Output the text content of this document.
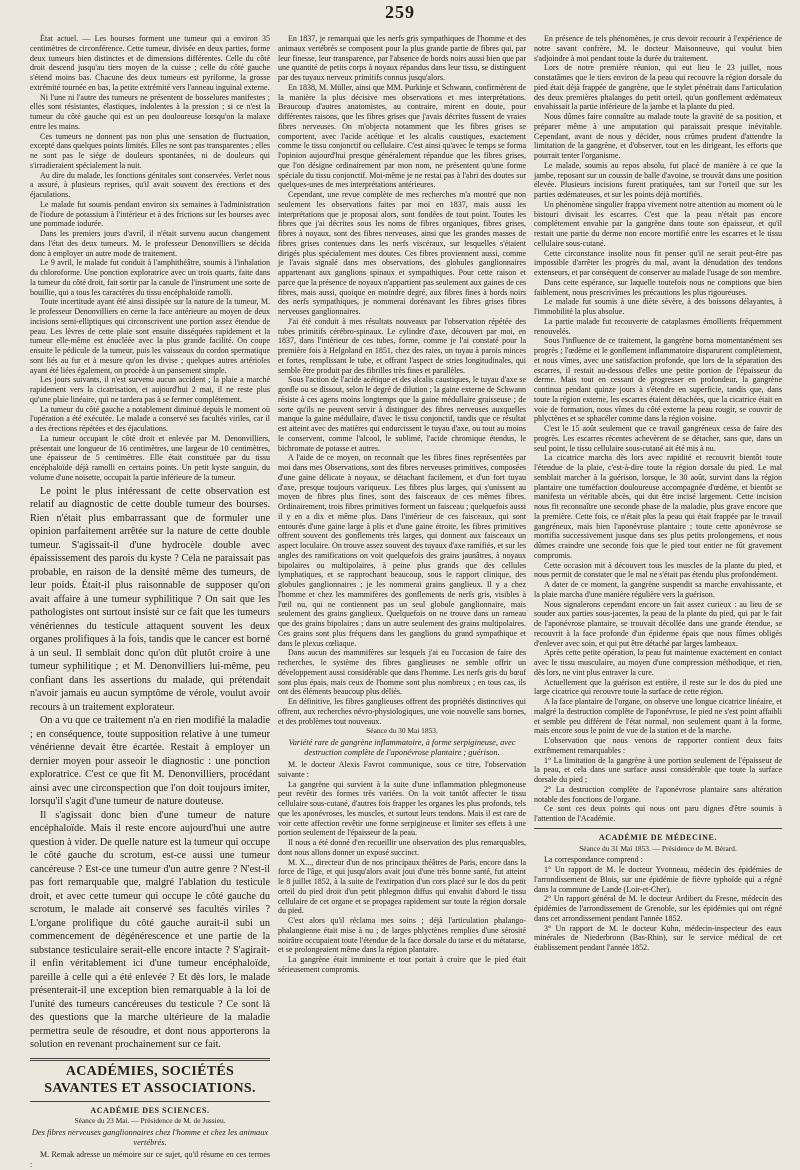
259

État actuel. — Les bourses forment une tumeur qui a environ 35 centimètres de circonférence. Cette tumeur, divisée en deux parties, forme deux tumeurs bien distinctes et de dimensions différentes. Celle du côté droit descend jusqu'au tiers moyen de la cuisse ; celle du côté gauche s'étend moins bas. Chacune des deux tumeurs est pyriforme, la grosse extrémité tournée en bas, la petite extrémité vers l'anneau inguinal externe.

Ni l'une ni l'autre des tumeurs ne présentent de bosselures manifestes ; elles sont résistantes, élastiques, indolentes à la pression ; si ce n'est la tumeur du côté gauche qui est un peu douloureuse lorsqu'on la malaxe entre les mains.

Ces tumeurs ne donnent pas non plus une sensation de fluctuation, excepté dans quelques points limités. Elles ne sont pas transparentes ; elles ne sont pas le siége de douleurs spontanées, ni de douleurs qui s'irradieraient spécialement la nuit.

Au dire du malade, les fonctions génitales sont conservées. Verlet nous a assuré, à plusieurs reprises, qu'il avait souvent des érections et des éjaculations.

Le malade fut soumis pendant environ six semaines à l'administration de l'iodure de potassium à l'intérieur et à des frictions sur les bourses avec une pommade iodurée.

Dans les premiers jours d'avril, il n'était survenu aucun changement dans l'état des deux tumeurs. M. le professeur Denonvilliers se décida donc à employer un autre mode de traitement.

Le 9 avril, le malade fut conduit à l'amphithéâtre, soumis à l'inhalation du chloroforme. Une ponction exploratrice avec un trois quarts, faite dans la tumeur du côté droit, fait sortir par la canule de l'instrument une sorte de bouillie, qui a tous les caractères du tissu encéphaloïde ramolli.

Toute incertitude ayant été ainsi dissipée sur la nature de la tumeur, M. le professeur Denonvilliers en cerne la face antérieure au moyen de deux incisions semi-elliptiques qui circonscrivent une portion assez étendue de peau. Les lèvres de cette plaie sont ensuite disséquées rapidement et la tumeur elle-même est énucléée avec la plus grande facilité. On coupe ensuite le pédicule de la tumeur, puis les vaisseaux du cordon spermatique sont liés au fur et à mesure qu'on les divise ; quelques autres artérioles ayant été liées également, on procède à un pansement simple.

Les jours suivants, il n'est survenu aucun accident ; la plaie a marché rapidement vers la cicatrisation, et aujourd'hui 2 mai, il ne reste plus qu'une plaie linéaire, qui ne tardera pas à se fermer complétement.

La tumeur du côté gauche a notablement diminué depuis le moment où l'opération a été exécutée. Le malade a conservé ses facultés viriles, car il a des érections répétées et des éjaculations.

La tumeur occupant le côté droit et enlevée par M. Denonvilliers, présentait une longueur de 16 centimètres, une largeur de 10 centimètres, une épaisseur de 5 centimètres. Elle était constituée par du tissu encéphaloïde déjà ramolli en certains points. Un petit kyste sanguin, du volume d'une noisette, occupait la partie inférieure de la tumeur.

Le point le plus intéressant de cette observation est relatif au diagnostic de cette double tumeur des bourses. Rien n'était plus embarrassant que de formuler une opinion parfaitement arrêtée sur la nature de cette double tumeur. S'agissait-il d'une hydrocèle double avec épaississement des parois du kyste ? Cela ne paraissait pas probable, en raison de la densité même des tumeurs, de leur poids. Était-il plus raisonnable de supposer qu'on avait affaire à une tumeur syphilitique ? On sait que les pathologistes ont surtout insisté sur ce fait que les tumeurs vénériennes du testicule attaquent souvent les deux organes prolifiques à la fois, tandis que le cancer est borné à un seul. Il semblait donc qu'on dût plutôt croire à une tumeur syphilitique ; et M. Denonvilliers lui-même, peu confiant dans les assertions du malade, qui prétendait n'avoir jamais eu aucun symptôme de vérole, voulut avoir recours à un traitement explorateur.

On a vu que ce traitement n'a en rien modifié la maladie ; en conséquence, toute supposition relative à une tumeur vénérienne devait être écartée. Restait à employer un dernier moyen pour asseoir le diagnostic : une ponction exploratrice. C'est ce que fit M. Denonvilliers, procédant ainsi avec une circonspection que l'on doit toujours imiter, lorsqu'il s'agit d'une tumeur de nature douteuse.

Il s'agissait donc bien d'une tumeur de nature encéphaloïde. Mais il reste encore aujourd'hui une autre question à vider. De quelle nature est la tumeur qui occupe le côté gauche du scrotum, est-ce aussi une tumeur cancéreuse ? Est-ce une tumeur d'un autre genre ? N'est-il pas fort remarquable que, malgré l'ablation du testicule droit, et avec cette tumeur qui occupe le côté gauche du scrotum, le malade ait conservé ses facultés viriles ? L'organe prolifique du côté gauche aurait-il subi un commencement de dégénérescence et une partie de la substance testiculaire serait-elle encore intacte ? S'agirait-il enfin véritablement ici d'une tumeur encéphaloïde, pareille à celle qui a été enlevée ? Et dès lors, le malade présenterait-il une exception bien remarquable à la loi de l'unité des tumeurs cancéreuses du testicule ? Ce sont là des questions que la marche ultérieure de la maladie permettra seule de résoudre, et dont nous apporterons la solution en revenant prochainement sur ce fait.

ACADÉMIES, SOCIÉTÉS SAVANTES ET ASSOCIATIONS.
ACADÉMIE DES SCIENCES.
Séance du 23 Mai. — Présidence de M. de Jussieu.
Des fibres nerveuses ganglionnaires chez l'homme et chez les animaux vertébrés.

M. Remak adresse un mémoire sur ce sujet, qu'il résume en ces termes :

En 1837, je remarquai que les nerfs gris sympathiques de l'homme et des animaux vertébrés se composent pour la plus grande partie de fibres qui, par leur finesse, leur transparence, par l'absence de bords noirs aussi bien que par une quantité de petits corps à noyaux répandus dans leur tissu, se distinguent par des tuyaux nerveux primitifs connus jusqu'alors.

En 1838, M. Müller, ainsi que MM. Purkinje et Schwann, confirmèrent de la manière la plus décisive mes observations et mes interprétations. Beaucoup d'autres anatomistes, au contraire, mirent en doute, pour différentes raisons, que les fibres grises que j'avais décrites fussent de vraies fibres nerveuses. On m'objecta notamment que les fibres grises se comportent, avec l'acide acétique et les alcalis caustiques, exactement comme le tissu conjonctif ou cellulaire. C'est ainsi qu'avec le temps se forma l'opinion aujourd'hui presque généralement répandue que les fibres grises, que l'on désigne ordinairement par mon nom, ne présentent qu'une forme spéciale du tissu conjonctif. Moi-même je ne restai pas à l'abri des doutes sur quelques-unes de mes interprétations antérieures.

Cependant, une revue complète de mes recherches m'a montré que non seulement les observations faites par moi en 1837, mais aussi les interprétations que je proposai alors, sont fondées de tout point. Toutes les fibres que j'ai décrites sous les noms de fibres organiques, fibres grises, fibres à noyaux, sont des fibres nerveuses, ainsi que les grandes masses de fibres grises contenues dans les nerfs viscéraux, sur lesquelles s'étaient dirigés plus spécialement mes doutes. Ces fibres proviennent aussi, comme je l'avais signalé dans mes observations, des globules ganglionnaires appartenant aux ganglions spinaux et sympathiques. Pour cette raison et parce que la présence de noyaux n'appartient pas seulement aux gaines de ces fibres, mais aussi, quoique en moindre degré, aux fibres fines à bords noirs des nerfs sympathiques, je nommerai dorénavant les fibres grises fibres nerveuses ganglionnaires.

J'ai été conduit à mes résultats nouveaux par l'observation répétée des tubes primitifs cérébro-spinaux. Le cylindre d'axe, découvert par moi, en 1837, dans l'intérieur de ces tubes, forme, comme je l'ai constaté pour la première fois à Helgoland en 1851, chez des raies, un tuyau à parois minces et fortes, remplissant le tube, et offrant l'aspect de stries longitudinales, qui semble être produit par des fibrilles très fines et parallèles.

Sous l'action de l'acide acétique et des alcalis caustiques, le tuyau d'axe se gonfle ou se dissout, selon le degré de dilution ; la gaine externe de Schwann résiste à ces agens moins longtemps que la gaine médullaire graisseuse ; de sorte qu'ils ne peuvent servir à distinguer des fibres nerveuses auxquelles manque la gaine médullaire, d'avec le tissu conjonctif, tandis que ce résultat est atteint avec des matières qui endurcissent le tuyau d'axe, ou tout au moins le conservent, comme l'alcool, le sublimé, l'acide chromique étendus, le bichromate de potasse et autres.

A l'aide de ce moyen, on reconnaît que les fibres fines représentées par moi dans mes Observations, sont des fibres nerveuses primitives, composées d'une gaine délicate à noyaux, se détachant facilement, et d'un fort tuyau d'axe, presque toujours variqueux. Les fibres plus larges, qui s'unissent au moyen de fibres plus fines, sont des faisceaux de ces mêmes fibres. Ordinairement, trois fibres primitives forment un faisceau ; quelquefois aussi il y en a dix et même plus. Dans l'intérieur de ces faisceaux, qui sont entourés d'une gaine large à plis et d'une gaine étroite, les fibres primitives offrent souvent des gonflements très larges, qui donnent aux faisceaux un aspect loculaire. On trouve assez souvent des tuyaux d'axe ramifiés, et sur les angles des ramifications on voit quelquefois des grains jaunâtres, à noyaux bipolaires ou multipolaires, à peine plus grands que des cellules lymphatiques, et se rapprochant beaucoup, sous le rapport clinique, des globules ganglionnaires ; je les nommerai grains ganglieux. Il y a chez l'homme et chez les mammifères des gonflements de nerfs gris, visibles à l'œil nu, qui ne contiennent pas un seul globule ganglionnaire, mais seulement des grains ganglieux. Quelquefois on ne trouve dans un rameau que des grains bipolaires ; dans un autre seulement des grains multipolaires. Ces grains sont plus fréquens dans les ganglions du grand sympathique et dans le plexus cœliaque.

Dans aucun des mammifères sur lesquels j'ai eu l'occasion de faire des recherches, le système des fibres ganglieuses ne semble offrir un développement aussi considérable que dans l'homme. Les nerfs gris du bœuf sont plus épais, mais ceux de l'homme sont plus nombreux ; en tous cas, ils ont des éléments beaucoup plus déliés.

En définitive, les fibres ganglieuses offrent des propriétés distinctives qui offrent, aux recherches névro-physiologiques, une voie nouvelle sans bornes, et des problèmes tout nouveaux.

Séance du 30 Mai 1853.
Variété rare de gangrène inflammatoire, à forme serpigineuse, avec destruction complète de l'aponévrose plantaire ; guérison.

M. le docteur Alexis Favrot communique, sous ce titre, l'observation suivante :

La gangrène qui survient à la suite d'une inflammation phlegmoneuse peut revêtir des formes très variées. On la voit tantôt affecter le tissu cellulaire sous-cutané, d'autres fois frapper les organes les plus profonds, tels que les aponévroses, les muscles, et surtout leurs tendons. Mais il est rare de voir cette affection revêtir une forme serpigineuse et limiter ses effets à une portion seulement de l'épaisseur de la peau.

Il nous a été donné d'en recueillir une observation des plus remarquables, dont nous allons donner un exposé succinct.

M. X..., directeur d'un de nos principaux théâtres de Paris, encore dans la force de l'âge, et qui jusqu'alors avait joui d'une très bonne santé, fut atteint le 8 juillet 1852, à la suite de l'extirpation d'un cors placé sur le dos du petit orteil du pied droit d'un petit phlegmon diffus qui envahit d'abord le tissu cellulaire de cet organe et se propagea rapidement sur toute la région dorsale du pied.

C'est alors qu'il réclama mes soins ; déjà l'articulation phalango-phalangienne était mise à nu ; de larges phlyctènes remplies d'une sérosité noirâtre occupaient toute l'étendue de la face dorsale du tarse et du métatarse, et se prolongeaient même dans la région plantaire.

La gangrène était imminente et tout portait à croire que le pied était sérieusement compromis.

En présence de tels phénomènes, je crus devoir recourir à l'expérience de notre savant confrère, M. le docteur Maisonneuve, qui voulut bien s'adjoindre à moi pendant toute la durée du traitement.

Lors de notre première réunion, qui eut lieu le 23 juillet, nous constatâmes que le tiers environ de la peau qui recouvre la région dorsale du pied était déjà frappée de gangrène, que le stylet pénétrait dans l'articulation des deux premières phalanges du petit orteil, qu'un gonflement œdémateux envahissait la partie inférieure de la jambe et la plante du pied.

Nous dûmes faire connaître au malade toute la gravité de sa position, et préparer même à une amputation qui paraissait presque inévitable. Cependant, avant de nous y décider, nous crûmes prudent d'attendre la limitation de la gangrène, et d'observer, tout en les dirigeant, les efforts que pourrait tenter l'organisme.

Le malade, soumis au repos absolu, fut placé de manière à ce que la jambe, reposant sur un coussin de balle d'avoine, se trouvât dans une position élevée. Plusieurs incisions furent pratiquées, tant sur l'orteil que sur les parties œdémateuses, et sur les points déjà mortifiés.

Un phénomène singulier frappa vivement notre attention au moment où le bistouri divisait les escarres. C'est que la peau n'était pas encore complétement envahie par la gangrène dans toute son épaisseur, et qu'il restait une partie du derme non encore mortifié entre les escarres et le tissu cellulaire sous-cutané.

Cette circonstance insolite nous fit penser qu'il ne serait peut-être pas impossible d'arrêter les progrès du mal, avant la dénudation des tendons extenseurs, et par conséquent de conserver au malade l'usage de son membre.

Dans cette espérance, sur laquelle toutefois nous ne comptions que bien faiblement, nous prescrivîmes les précautions les plus rigoureuses.

Le malade fut soumis à une diète sévère, à des boissons délayantes, à l'immobilité la plus absolue.

La partie malade fut recouverte de cataplasmes émollients fréquemment renouvelés.

Sous l'influence de ce traitement, la gangrène borna momentanément ses progrès ; l'œdème et le gonflement inflammatoire disparurent complètement, et nous vîmes, avec une satisfaction profonde, que lors de la séparation des escarres, il restait au-dessous d'elles une petite portion de l'épaisseur du derme. Mais tout en cessant de progresser en profondeur, la gangrène continua pendant quinze jours à s'étendre en superficie, tandis que, dans toute la région externe, les escarres étaient détachées, que la cicatrice était en voie de formation, nous vîmes du côté externe la peau rougir, se couvrir de phlyctènes et se sphacéler comme dans la région voisine.

C'est le 15 août seulement que ce travail gangréneux cessa de faire des progrès. Les escarres récentes achevèrent de se détacher, sans que, dans un seul point, le tissu cellulaire sous-cutané ait été mis à nu.

La cicatrice marcha dès lors avec rapidité et recouvrit bientôt toute l'étendue de la plaie, c'est-à-dire toute la région dorsale du pied. Le mal semblait marcher à la guérison, lorsque, le 30 août, survint dans la région plantaire une tuméfaction douloureuse accompagnée d'œdème, et bientôt se manifesta un véritable abcès, qui dut être incisé largement. Cette incision nous fit reconnaître une seconde phase de la maladie, plus grave encore que la première. Cette fois, ce n'était plus la peau qui était frappée par le travail gangréneux, mais bien l'aponévrose plantaire ; toute cette aponévrose se mortifia successivement jusque dans ses plus petits prolongemens, et nous dûmes craindre une seconde fois que le pied tout entier ne fût gravement compromis.

Cette occasion mit à découvert tous les muscles de la plante du pied, et nous permit de constater que le mal ne s'était pas étendu plus profondément.

A dater de ce moment, la gangrène suspendit sa marche envahissante, et la plaie marcha d'une manière régulière vers la guérison.

Nous signalerons cependant encore un fait assez curieux : au lieu de se souder aux parties sous-jacentes, la peau de la plante du pied, qui par le fait de l'aponévrose plantaire, se trouvait décollée dans une grande étendue, se recouvrit à la face profonde d'un épiderme épais que nous fûmes obligés d'enlever avec soin, et qui put être détaché par larges lambeaux.

Après cette petite opération, la peau fut maintenue exactement en contact avec le tissu musculaire, au moyen d'une compression méthodique, et rien, dès lors, ne vint plus entraver la cure.

Actuellement que la guérison est entière, il reste sur le dos du pied une large cicatrice qui recouvre toute la surface de cette région.

A la face plantaire de l'organe, on observe une longue cicatrice linéaire, et malgré la destruction complète de l'aponévrose, le pied ne s'est point affaibli et semble peu différent de l'état normal, non seulement quant à la forme, mais encore sous le point de vue de la station et de la marche.

L'observation que nous venons de rapporter contient deux faits extrêmement remarquables :

1° La limitation de la gangrène à une portion seulement de l'épaisseur de la peau, et cela dans une surface aussi considérable que toute la surface dorsale du pied ;

2° La destruction complète de l'aponévrose plantaire sans altération notable des fonctions de l'organe.

Ce sont ces deux points qui nous ont paru dignes d'être soumis à l'attention de l'Académie.

ACADÉMIE DE MÉDECINE.
Séance du 31 Mai 1853. — Présidence de M. Bérard.

La correspondance comprend :

1° Un rapport de M. le docteur Yvonneau, médecin des épidémies de l'arrondissement de Blois, sur une épidémie de fièvre typhoïde qui a régné dans la commune de Lande (Loir-et-Cher).

2° Un rapport général de M. le docteur Ardibert du Fresne, médecin des épidémies de l'arrondissement de Grenoble, sur les épidémies qui ont régné dans cet arrondissement pendant l'année 1852.

3° Un rapport de M. le docteur Kuhn, médecin-inspecteur des eaux minérales de Niederbronn (Bas-Rhin), sur le service médical de cet établissement pendant l'année 1852.
